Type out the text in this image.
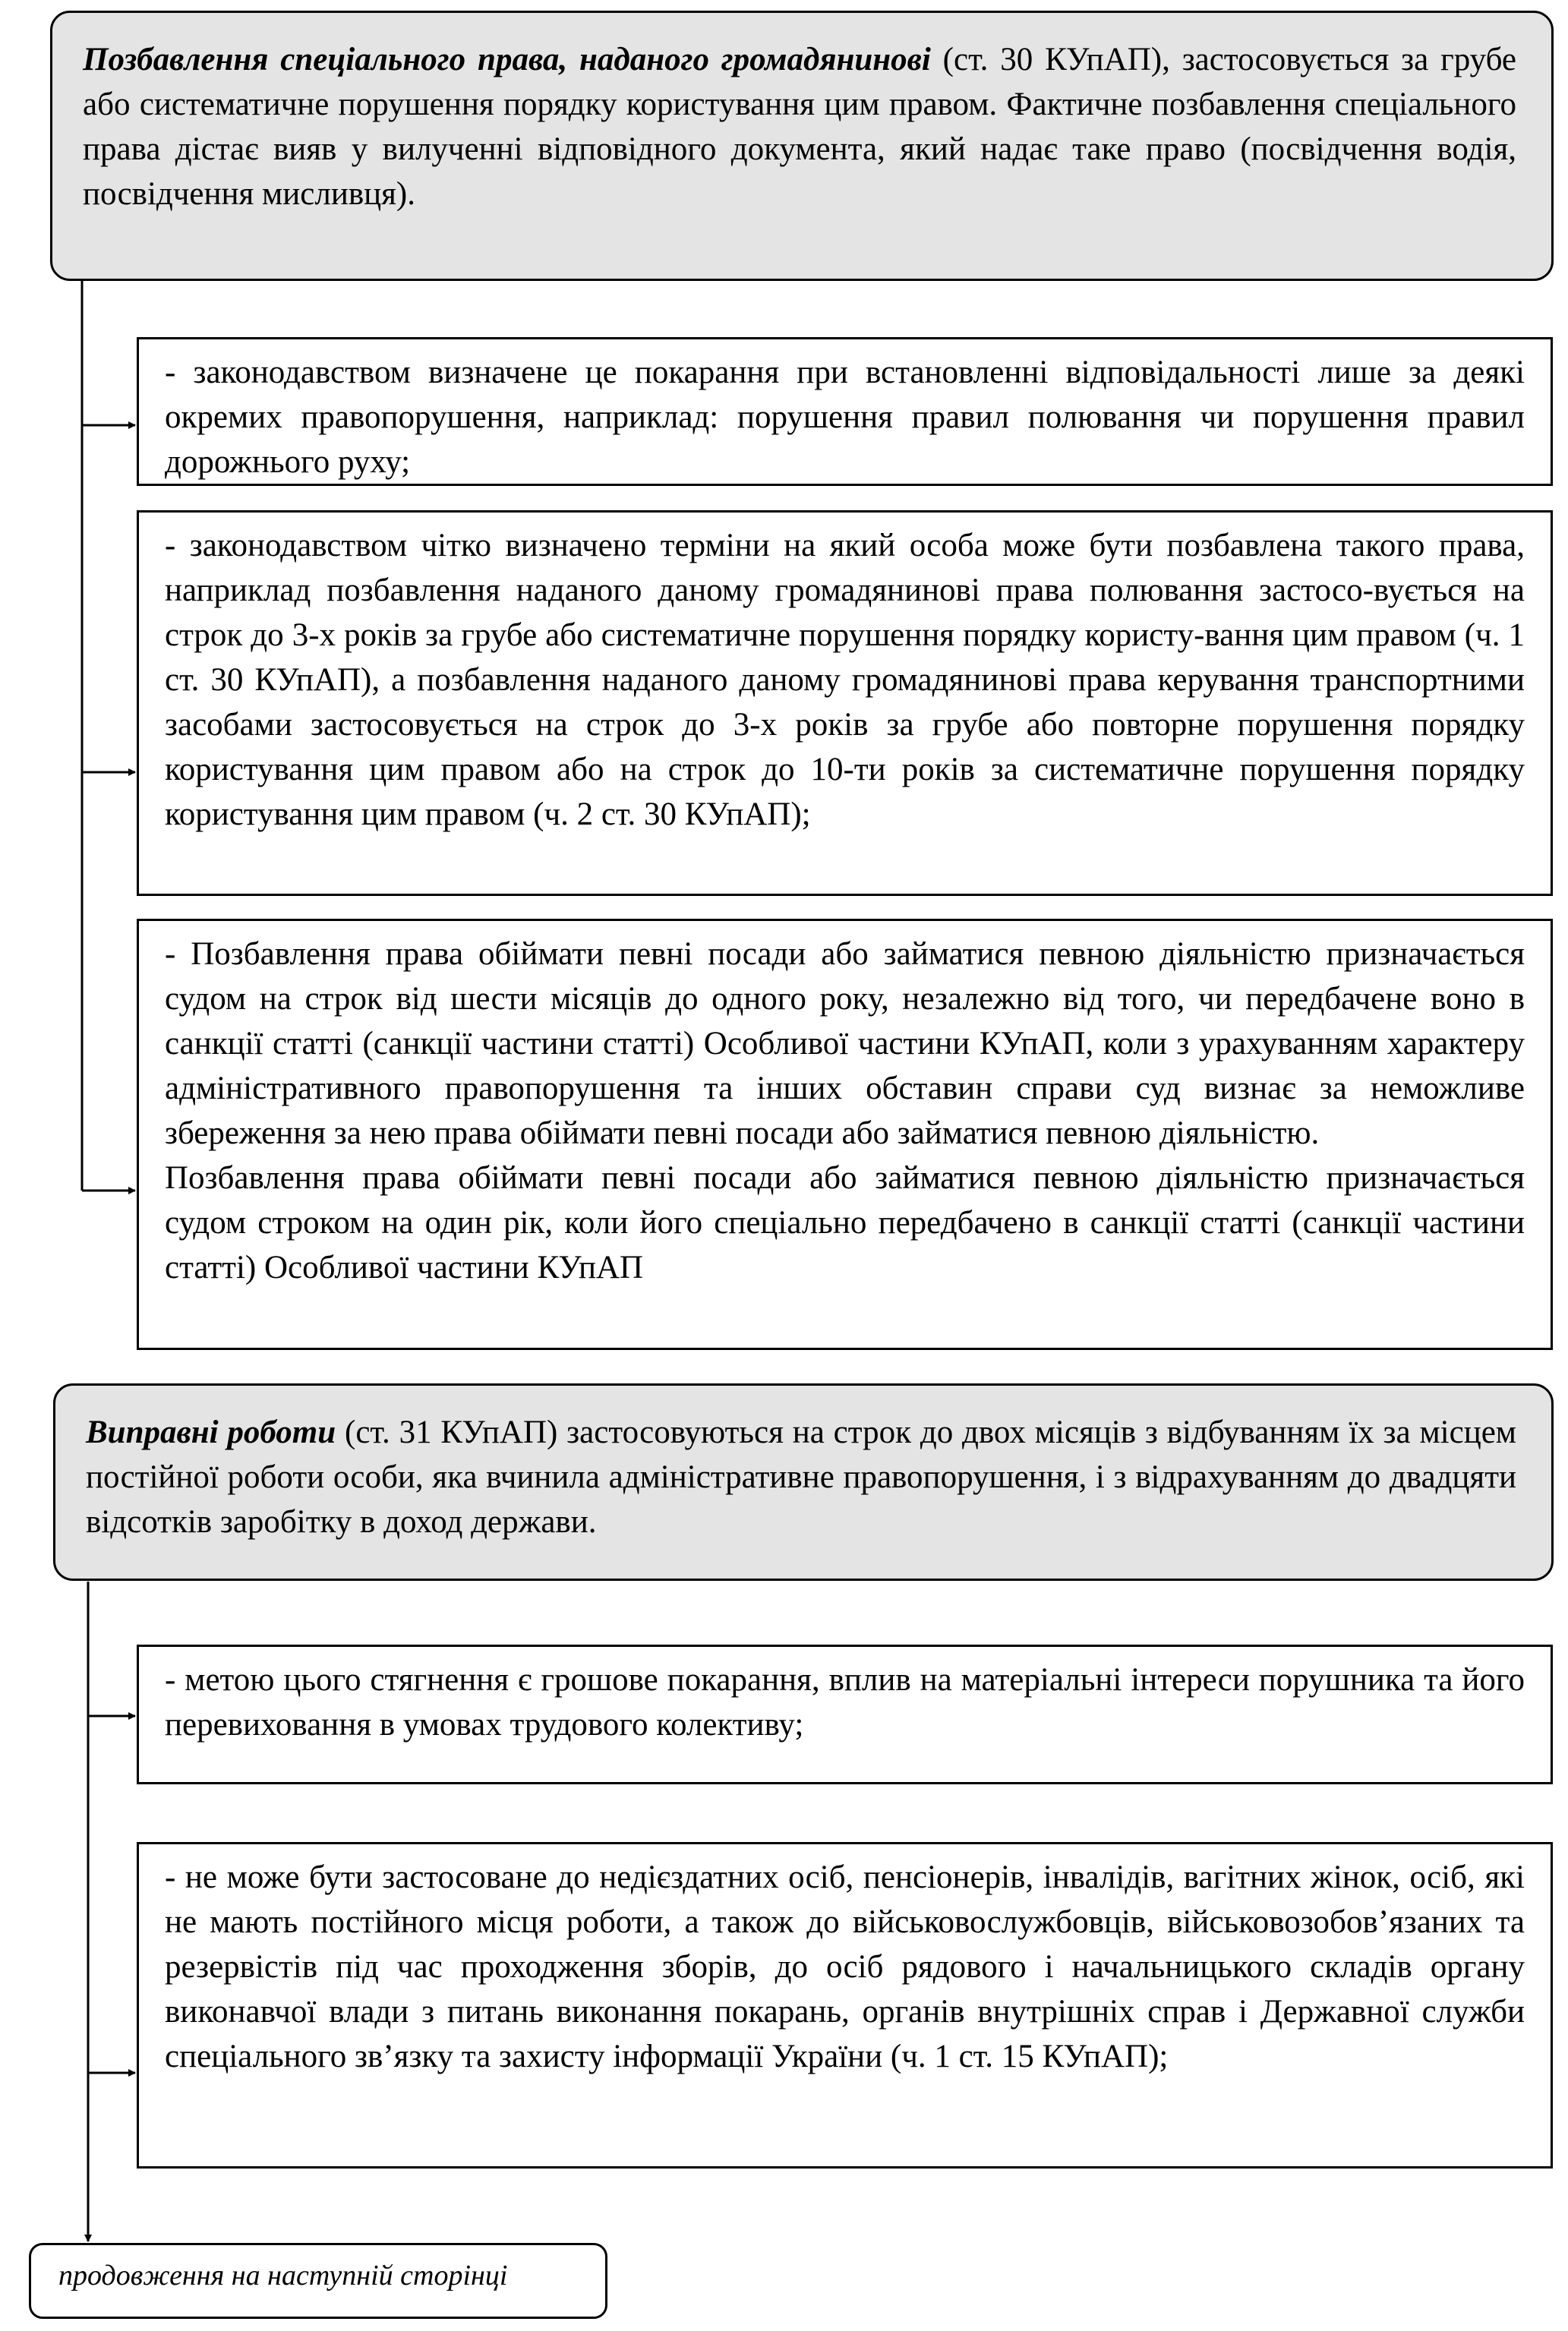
Позбавлення спеціального права, наданого громадянинові (ст. 30 КУпАП), застосовується за грубе або систематичне порушення порядку користування цим правом. Фактичне позбавлення спеціального права дістає вияв у вилученні відповідного документа, який надає таке право (посвідчення водія, посвідчення мисливця).

- законодавством визначене це покарання при встановленні відповідальності лише за деякі окремих правопорушення, наприклад: порушення правил полювання чи порушення правил дорожнього руху;

- законодавством чітко визначено терміни на який особа може бути позбавлена такого права, наприклад позбавлення наданого даному громадянинові права полювання застосо-вується на строк до 3-х років за грубе або систематичне порушення порядку користу-вання цим правом (ч. 1 ст. 30 КУпАП), а позбавлення наданого даному громадянинові права керування транспортними засобами застосовується на строк до 3-х років за грубе або повторне порушення порядку користування цим правом або на строк до 10-ти років за систематичне порушення порядку користування цим правом (ч. 2 ст. 30 КУпАП);

- Позбавлення права обіймати певні посади або займатися певною діяльністю призначається судом на строк від шести місяців до одного року, незалежно від того, чи передбачене воно в санкції статті (санкції частини статті) Особливої частини КУпАП, коли з урахуванням характеру адміністративного правопорушення та інших обставин справи суд визнає за неможливе збереження за нею права обіймати певні посади або займатися певною діяльністю.

Позбавлення права обіймати певні посади або займатися певною діяльністю призначається судом строком на один рік, коли його спеціально передбачено в санкції статті (санкції частини статті) Особливої частини КУпАП

Виправні роботи (ст. 31 КУпАП) застосовуються на строк до двох місяців з відбуванням їх за місцем постійної роботи особи, яка вчинила адміністративне правопорушення, і з відрахуванням до двадцяти відсотків заробітку в доход держави.

- метою цього стягнення є грошове покарання, вплив на матеріальні інтереси порушника та його перевиховання в умовах трудового колективу;

- не може бути застосоване до недієздатних осіб, пенсіонерів, інвалідів, вагітних жінок, осіб, які не мають постійного місця роботи, а також до військовослужбовців, військовозобов’язаних та резервістів під час проходження зборів, до осіб рядового і начальницького складів органу виконавчої влади з питань виконання покарань, органів внутрішніх справ і Державної служби спеціального зв’язку та захисту інформації України (ч. 1 ст. 15 КУпАП);

продовження на наступній сторінці
